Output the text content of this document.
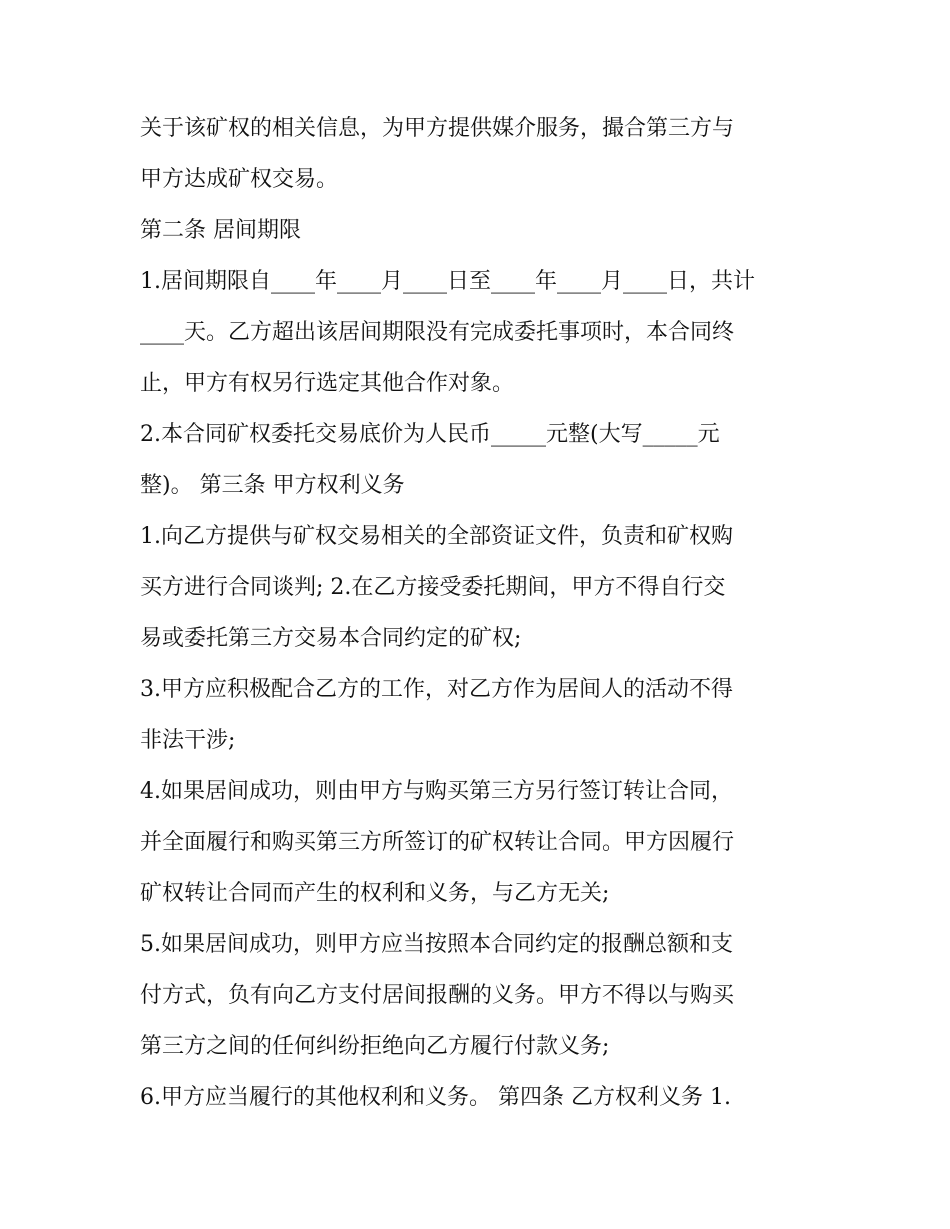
关于该矿权的相关信息，为甲方提供媒介服务，撮合第三方与

甲方达成矿权交易。

第二条 居间期限

1.居间期限自____年____月____日至____年____月____日，共计

____天。乙方超出该居间期限没有完成委托事项时，本合同终

止，甲方有权另行选定其他合作对象。

2.本合同矿权委托交易底价为人民币_____元整(大写_____元

整)。 第三条 甲方权利义务

1.向乙方提供与矿权交易相关的全部资证文件，负责和矿权购

买方进行合同谈判; 2.在乙方接受委托期间，甲方不得自行交

易或委托第三方交易本合同约定的矿权;

3.甲方应积极配合乙方的工作，对乙方作为居间人的活动不得

非法干涉;

4.如果居间成功，则由甲方与购买第三方另行签订转让合同，

并全面履行和购买第三方所签订的矿权转让合同。甲方因履行

矿权转让合同而产生的权利和义务，与乙方无关;

5.如果居间成功，则甲方应当按照本合同约定的报酬总额和支

付方式，负有向乙方支付居间报酬的义务。甲方不得以与购买

第三方之间的任何纠纷拒绝向乙方履行付款义务;

6.甲方应当履行的其他权利和义务。 第四条 乙方权利义务 1.
